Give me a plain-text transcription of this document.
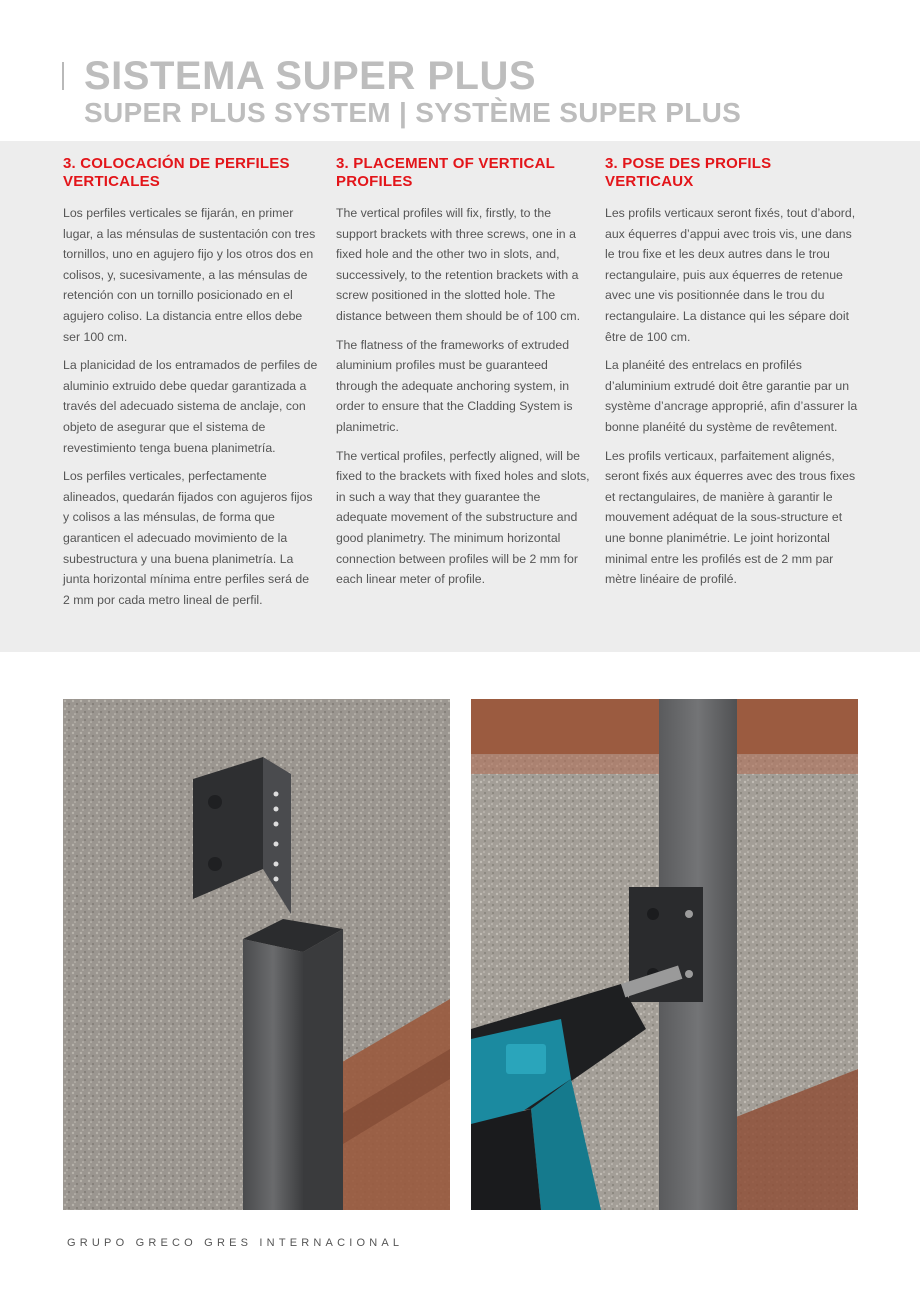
SISTEMA SUPER PLUS
SUPER PLUS SYSTEM | SYSTÈME SUPER PLUS
3. COLOCACIÓN DE PERFILES VERTICALES

Los perfiles verticales se fijarán, en primer lugar, a las ménsulas de sustentación con tres tornillos, uno en agujero fijo y los otros dos en colisos, y, sucesivamente, a las ménsulas de retención con un tornillo posicionado en el agujero coliso. La distancia entre ellos debe ser 100 cm.

La planicidad de los entramados de perfiles de aluminio extruido debe quedar garantizada a través del adecuado sistema de anclaje, con objeto de asegurar que el sistema de revestimiento tenga buena planimetría.

Los perfiles verticales, perfectamente alineados, quedarán fijados con agujeros fijos y colisos a las ménsulas, de forma que garanticen el adecuado movimiento de la subestructura y una buena planimetría. La junta horizontal mínima entre perfiles será de 2 mm por cada metro lineal de perfil.

3. PLACEMENT OF VERTICAL PROFILES

The vertical profiles will fix, firstly, to the support brackets with three screws, one in a fixed hole and the other two in slots, and, successively, to the retention brackets with a screw positioned in the slotted hole. The distance between them should be of 100 cm.

The flatness of the frameworks of extruded aluminium profiles must be guaranteed through the adequate anchoring system, in order to ensure that the Cladding System is planimetric.

The vertical profiles, perfectly aligned, will be fixed to the brackets with fixed holes and slots, in such a way that they guarantee the adequate movement of the substructure and good planimetry. The minimum horizontal connection between profiles will be 2 mm for each linear meter of profile.

3. POSE DES PROFILS VERTICAUX

Les profils verticaux seront fixés, tout d’abord, aux équerres d’appui avec trois vis, une dans le trou fixe et les deux autres dans le trou rectangulaire, puis aux équerres de retenue avec une vis positionnée dans le trou du rectangulaire. La distance qui les sépare doit être de 100 cm.

La planéité des entrelacs en profilés d’aluminium extrudé doit être garantie par un système d’ancrage approprié, afin d’assurer la bonne planéité du système de revêtement.

Les profils verticaux, parfaitement alignés, seront fixés aux équerres avec des trous fixes et rectangulaires, de manière à garantir le mouvement adéquat de la sous-structure et une bonne planimétrie. Le joint horizontal minimal entre les profilés est de 2 mm par mètre linéaire de profilé.

GRUPO GRECO GRES INTERNACIONAL
